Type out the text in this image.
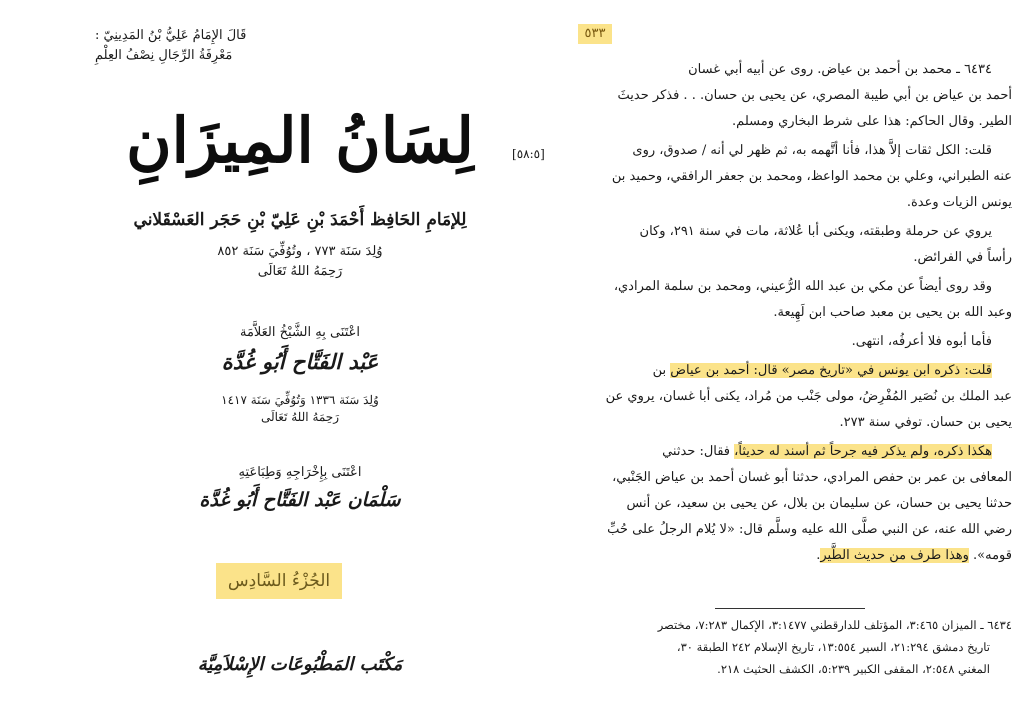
قَالَ الإِمَامُ عَلِيُّ بْنُ المَدِينِيّ :
مَعْرِفَةُ الرِّجَالِ نِصْفُ العِلْمِ
لِسَانُ المِيزَانِ
لِلإمَامِ الحَافِظ أَحْمَدَ بْنِ عَلِيّ بْنِ حَجَر العَسْقَلاني
وُلِدَ سَنَة ٧٧٣ ، وتُوُفِّيَ سَنَة ٨٥٢
رَحِمَهُ اللهُ تَعَالَى
اعْتَنَى بِهِ الشَّيْخُ العَلاَّمَة
عَبْد الفَتَّاح أَبُو غُدَّة
وُلِدَ سَنَة ١٣٣٦ وَتُوُفِّيَ سَنَة ١٤١٧
رَحِمَهُ اللهُ تَعَالَى
اعْتَنَى بِإِخْرَاجِهِ وَطِبَاعَتِهِ
سَلْمَان عَبْد الفَتَّاح أَبُو غُدَّة
الجُزْءُ السَّادِس
مَكْتَب المَطْبُوعَات الإِسْلاَمِيَّة
٥٣٣
[٥٨:٥]
٦٤٣٤ ـ محمد بن أحمد بن عياض. روى عن أبيه أبي غسان
أحمد بن عياض بن أبي طيبة المصري، عن يحيى بن حسان. . . فذكر حديثَ
الطير. وقال الحاكم: هذا على شرط البخاري ومسلم.
قلت: الكل ثقات إلاَّ هذا، فأنا أتَّهمه به، ثم ظهر لي أنه / صدوق، روى
عنه الطبراني، وعلي بن محمد الواعظ، ومحمد بن جعفر الرافقي، وحميد بن
يونس الزيات وعدة.
يروي عن حرملة وطبقته، ويكنى أبا عُلاثة، مات في سنة ٢٩١، وكان
رأساً في الفرائض.
وقد روى أيضاً عن مكي بن عبد الله الرُّعيني، ومحمد بن سلمة المرادي،
وعبد الله بن يحيى بن معبد صاحب ابن لَهِيعة.
فأما أبوه فلا أعرفُه، انتهى.
قلت: ذكره ابن يونس في «تاريخ مصر» قال: أحمد بن عياض بن
عبد الملك بن نُصَير المُفْرِضُ، مولى جَنْب من مُراد، يكنى أبا غسان، يروي عن
يحيى بن حسان. توفي سنة ٢٧٣.
هكذا ذكره، ولم يذكر فيه جرحاً ثم أسند له حديثاً، فقال: حدثني
المعافى بن عمر بن حفص المرادي، حدثنا أبو غسان أحمد بن عياض الجَنْبي،
حدثنا يحيى بن حسان، عن سليمان بن بلال، عن يحيى بن سعيد، عن أنس
رضي الله عنه، عن النبي صلَّى الله عليه وسلَّم قال: «لا يُلام الرجلُ على حُبِّ
قومه». وهذا طرف من حديث الطَّير.
٦٤٣٤ ـ الميزان ٣:٤٦٥، المؤتلف للدارقطني ٣:١٤٧٧، الإكمال ٧:٢٨٣، مختصر
تاريخ دمشق ٢١:٢٩٤، السير ١٣:٥٥٤، تاريخ الإسلام ٢٤٢ الطبقة ٣٠،
المغني ٢:٥٤٨، المقفى الكبير ٥:٢٣٩، الكشف الحثيث ٢١٨.
